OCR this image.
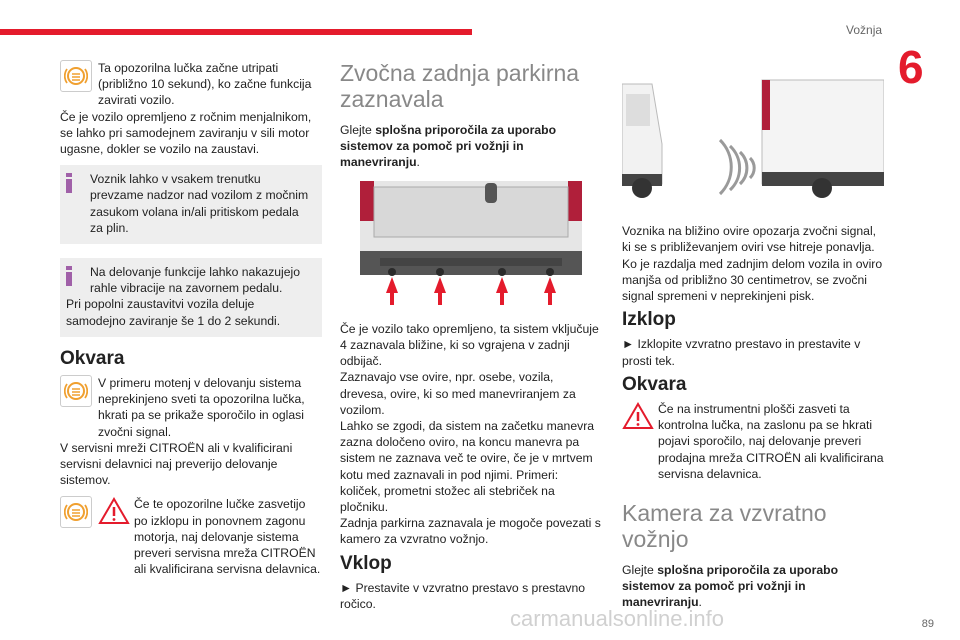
Vožnja
6

Ta opozorilna lučka začne utripati (približno 10 sekund), ko začne funkcija zavirati vozilo.

Če je vozilo opremljeno z ročnim menjalnikom, se lahko pri samodejnem zaviranju v sili motor ugasne, dokler se vozilo na zaustavi.

Voznik lahko v vsakem trenutku prevzame nadzor nad vozilom z močnim zasukom volana in/ali pritiskom pedala za plin.

Na delovanje funkcije lahko nakazujejo rahle vibracije na zavornem pedalu.

Pri popolni zaustavitvi vozila deluje samodejno zaviranje še 1 do 2 sekundi.

Okvara

V primeru motenj v delovanju sistema neprekinjeno sveti ta opozorilna lučka, hkrati pa se prikaže sporočilo in oglasi zvočni signal.

V servisni mreži CITROËN ali v kvalificirani servisni delavnici naj preverijo delovanje sistemov.

Če te opozorilne lučke zasvetijo po izklopu in ponovnem zagonu motorja, naj delovanje sistema preveri servisna mreža CITROËN ali kvalificirana servisna delavnica.

Zvočna zadnja parkirna zaznavala

Glejte splošna priporočila za uporabo sistemov za pomoč pri vožnji in manevriranju.

Če je vozilo tako opremljeno, ta sistem vključuje 4 zaznavala bližine, ki so vgrajena v zadnji odbijač.

Zaznavajo vse ovire, npr. osebe, vozila, drevesa, ovire, ki so med manevriranjem za vozilom.

Lahko se zgodi, da sistem na začetku manevra zazna določeno oviro, na koncu manevra pa sistem ne zaznava več te ovire, če je v mrtvem kotu med zaznavali in pod njimi. Primeri: količek, prometni stožec ali stebriček na pločniku.

Zadnja parkirna zaznavala je mogoče povezati s kamero za vzvratno vožnjo.

Vklop

► Prestavite v vzvratno prestavo s prestavno ročico.

Voznika na bližino ovire opozarja zvočni signal, ki se s približevanjem oviri vse hitreje ponavlja.

Ko je razdalja med zadnjim delom vozila in oviro manjša od približno 30 centimetrov, se zvočni signal spremeni v neprekinjeni pisk.

Izklop

► Izklopite vzvratno prestavo in prestavite v prosti tek.

Okvara

Če na instrumentni plošči zasveti ta kontrolna lučka, na zaslonu pa se hkrati pojavi sporočilo, naj delovanje preveri prodajna mreža CITROËN ali kvalificirana servisna delavnica.

Kamera za vzvratno vožnjo

Glejte splošna priporočila za uporabo sistemov za pomoč pri vožnji in manevriranju.

carmanualsonline.info	89
